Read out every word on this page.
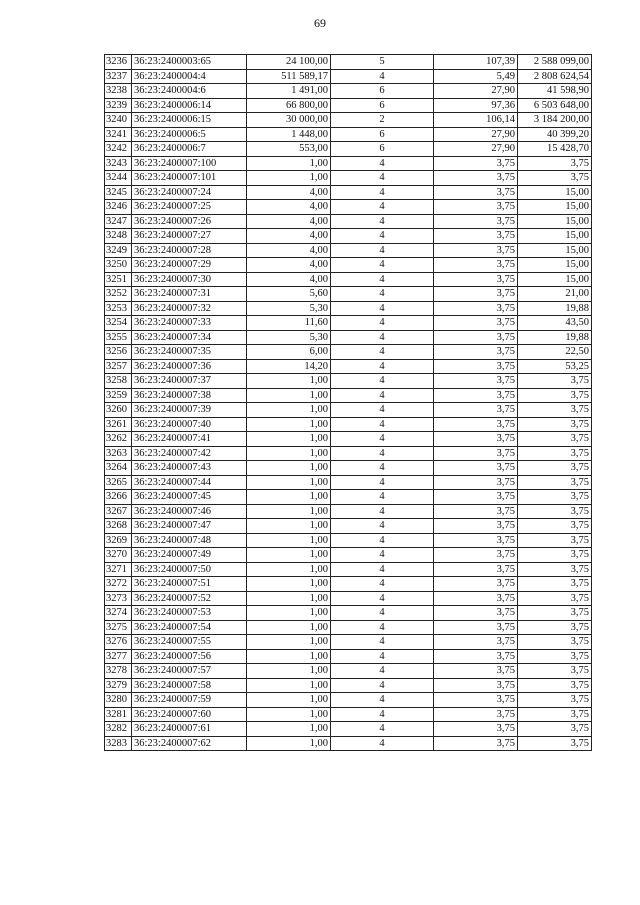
69
3236	36:23:2400003:65	24 100,00	5	107,39	2 588 099,00
3237	36:23:2400004:4	511 589,17	4	5,49	2 808 624,54
3238	36:23:2400004:6	1 491,00	6	27,90	41 598,90
3239	36:23:2400006:14	66 800,00	6	97,36	6 503 648,00
3240	36:23:2400006:15	30 000,00	2	106,14	3 184 200,00
3241	36:23:2400006:5	1 448,00	6	27,90	40 399,20
3242	36:23:2400006:7	553,00	6	27,90	15 428,70
3243	36:23:2400007:100	1,00	4	3,75	3,75
3244	36:23:2400007:101	1,00	4	3,75	3,75
3245	36:23:2400007:24	4,00	4	3,75	15,00
3246	36:23:2400007:25	4,00	4	3,75	15,00
3247	36:23:2400007:26	4,00	4	3,75	15,00
3248	36:23:2400007:27	4,00	4	3,75	15,00
3249	36:23:2400007:28	4,00	4	3,75	15,00
3250	36:23:2400007:29	4,00	4	3,75	15,00
3251	36:23:2400007:30	4,00	4	3,75	15,00
3252	36:23:2400007:31	5,60	4	3,75	21,00
3253	36:23:2400007:32	5,30	4	3,75	19,88
3254	36:23:2400007:33	11,60	4	3,75	43,50
3255	36:23:2400007:34	5,30	4	3,75	19,88
3256	36:23:2400007:35	6,00	4	3,75	22,50
3257	36:23:2400007:36	14,20	4	3,75	53,25
3258	36:23:2400007:37	1,00	4	3,75	3,75
3259	36:23:2400007:38	1,00	4	3,75	3,75
3260	36:23:2400007:39	1,00	4	3,75	3,75
3261	36:23:2400007:40	1,00	4	3,75	3,75
3262	36:23:2400007:41	1,00	4	3,75	3,75
3263	36:23:2400007:42	1,00	4	3,75	3,75
3264	36:23:2400007:43	1,00	4	3,75	3,75
3265	36:23:2400007:44	1,00	4	3,75	3,75
3266	36:23:2400007:45	1,00	4	3,75	3,75
3267	36:23:2400007:46	1,00	4	3,75	3,75
3268	36:23:2400007:47	1,00	4	3,75	3,75
3269	36:23:2400007:48	1,00	4	3,75	3,75
3270	36:23:2400007:49	1,00	4	3,75	3,75
3271	36:23:2400007:50	1,00	4	3,75	3,75
3272	36:23:2400007:51	1,00	4	3,75	3,75
3273	36:23:2400007:52	1,00	4	3,75	3,75
3274	36:23:2400007:53	1,00	4	3,75	3,75
3275	36:23:2400007:54	1,00	4	3,75	3,75
3276	36:23:2400007:55	1,00	4	3,75	3,75
3277	36:23:2400007:56	1,00	4	3,75	3,75
3278	36:23:2400007:57	1,00	4	3,75	3,75
3279	36:23:2400007:58	1,00	4	3,75	3,75
3280	36:23:2400007:59	1,00	4	3,75	3,75
3281	36:23:2400007:60	1,00	4	3,75	3,75
3282	36:23:2400007:61	1,00	4	3,75	3,75
3283	36:23:2400007:62	1,00	4	3,75	3,75
